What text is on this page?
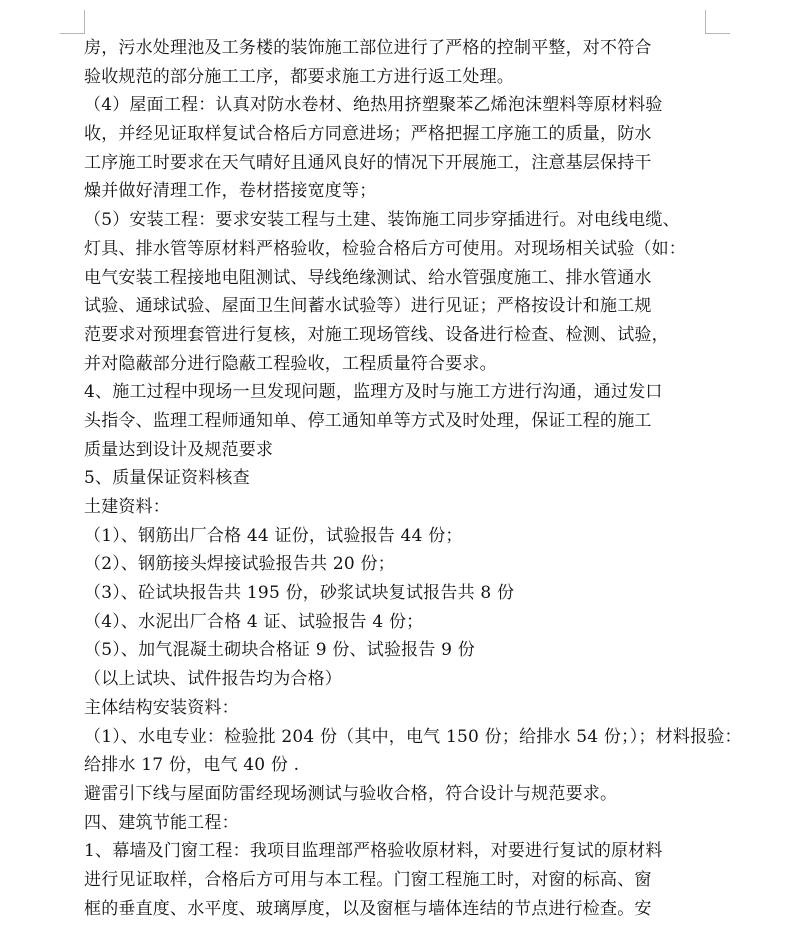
房，污水处理池及工务楼的装饰施工部位进行了严格的控制平整，对不符合
验收规范的部分施工工序，都要求施工方进行返工处理。
（4）屋面工程：认真对防水卷材、绝热用挤塑聚苯乙烯泡沫塑料等原材料验
收，并经见证取样复试合格后方同意进场；严格把握工序施工的质量，防水
工序施工时要求在天气晴好且通风良好的情况下开展施工，注意基层保持干
燥并做好清理工作，卷材搭接宽度等；
（5）安装工程：要求安装工程与土建、装饰施工同步穿插进行。对电线电缆、
灯具、排水管等原材料严格验收，检验合格后方可使用。对现场相关试验（如：
电气安装工程接地电阻测试、导线绝缘测试、给水管强度施工、排水管通水
试验、通球试验、屋面卫生间蓄水试验等）进行见证；严格按设计和施工规
范要求对预埋套管进行复核，对施工现场管线、设备进行检查、检测、试验，
并对隐蔽部分进行隐蔽工程验收，工程质量符合要求。
4、施工过程中现场一旦发现问题，监理方及时与施工方进行沟通，通过发口
头指令、监理工程师通知单、停工通知单等方式及时处理，保证工程的施工
质量达到设计及规范要求
5、质量保证资料核查
土建资料：
（1）、钢筋出厂合格 44 证份，试验报告 44 份；
（2）、钢筋接头焊接试验报告共 20 份；
（3）、砼试块报告共 195 份，砂浆试块复试报告共 8 份
（4）、水泥出厂合格 4 证、试验报告 4 份；
（5）、加气混凝土砌块合格证 9 份、试验报告 9 份
（以上试块、试件报告均为合格）
主体结构安装资料：
（1）、水电专业：检验批 204 份（其中，电气 150 份；给排水 54 份；）；材料报验：
给排水 17 份，电气 40 份 .
避雷引下线与屋面防雷经现场测试与验收合格，符合设计与规范要求。
四、建筑节能工程：
1、幕墙及门窗工程：我项目监理部严格验收原材料，对要进行复试的原材料
进行见证取样，合格后方可用与本工程。门窗工程施工时，对窗的标高、窗
框的垂直度、水平度、玻璃厚度，以及窗框与墙体连结的节点进行检查。安
